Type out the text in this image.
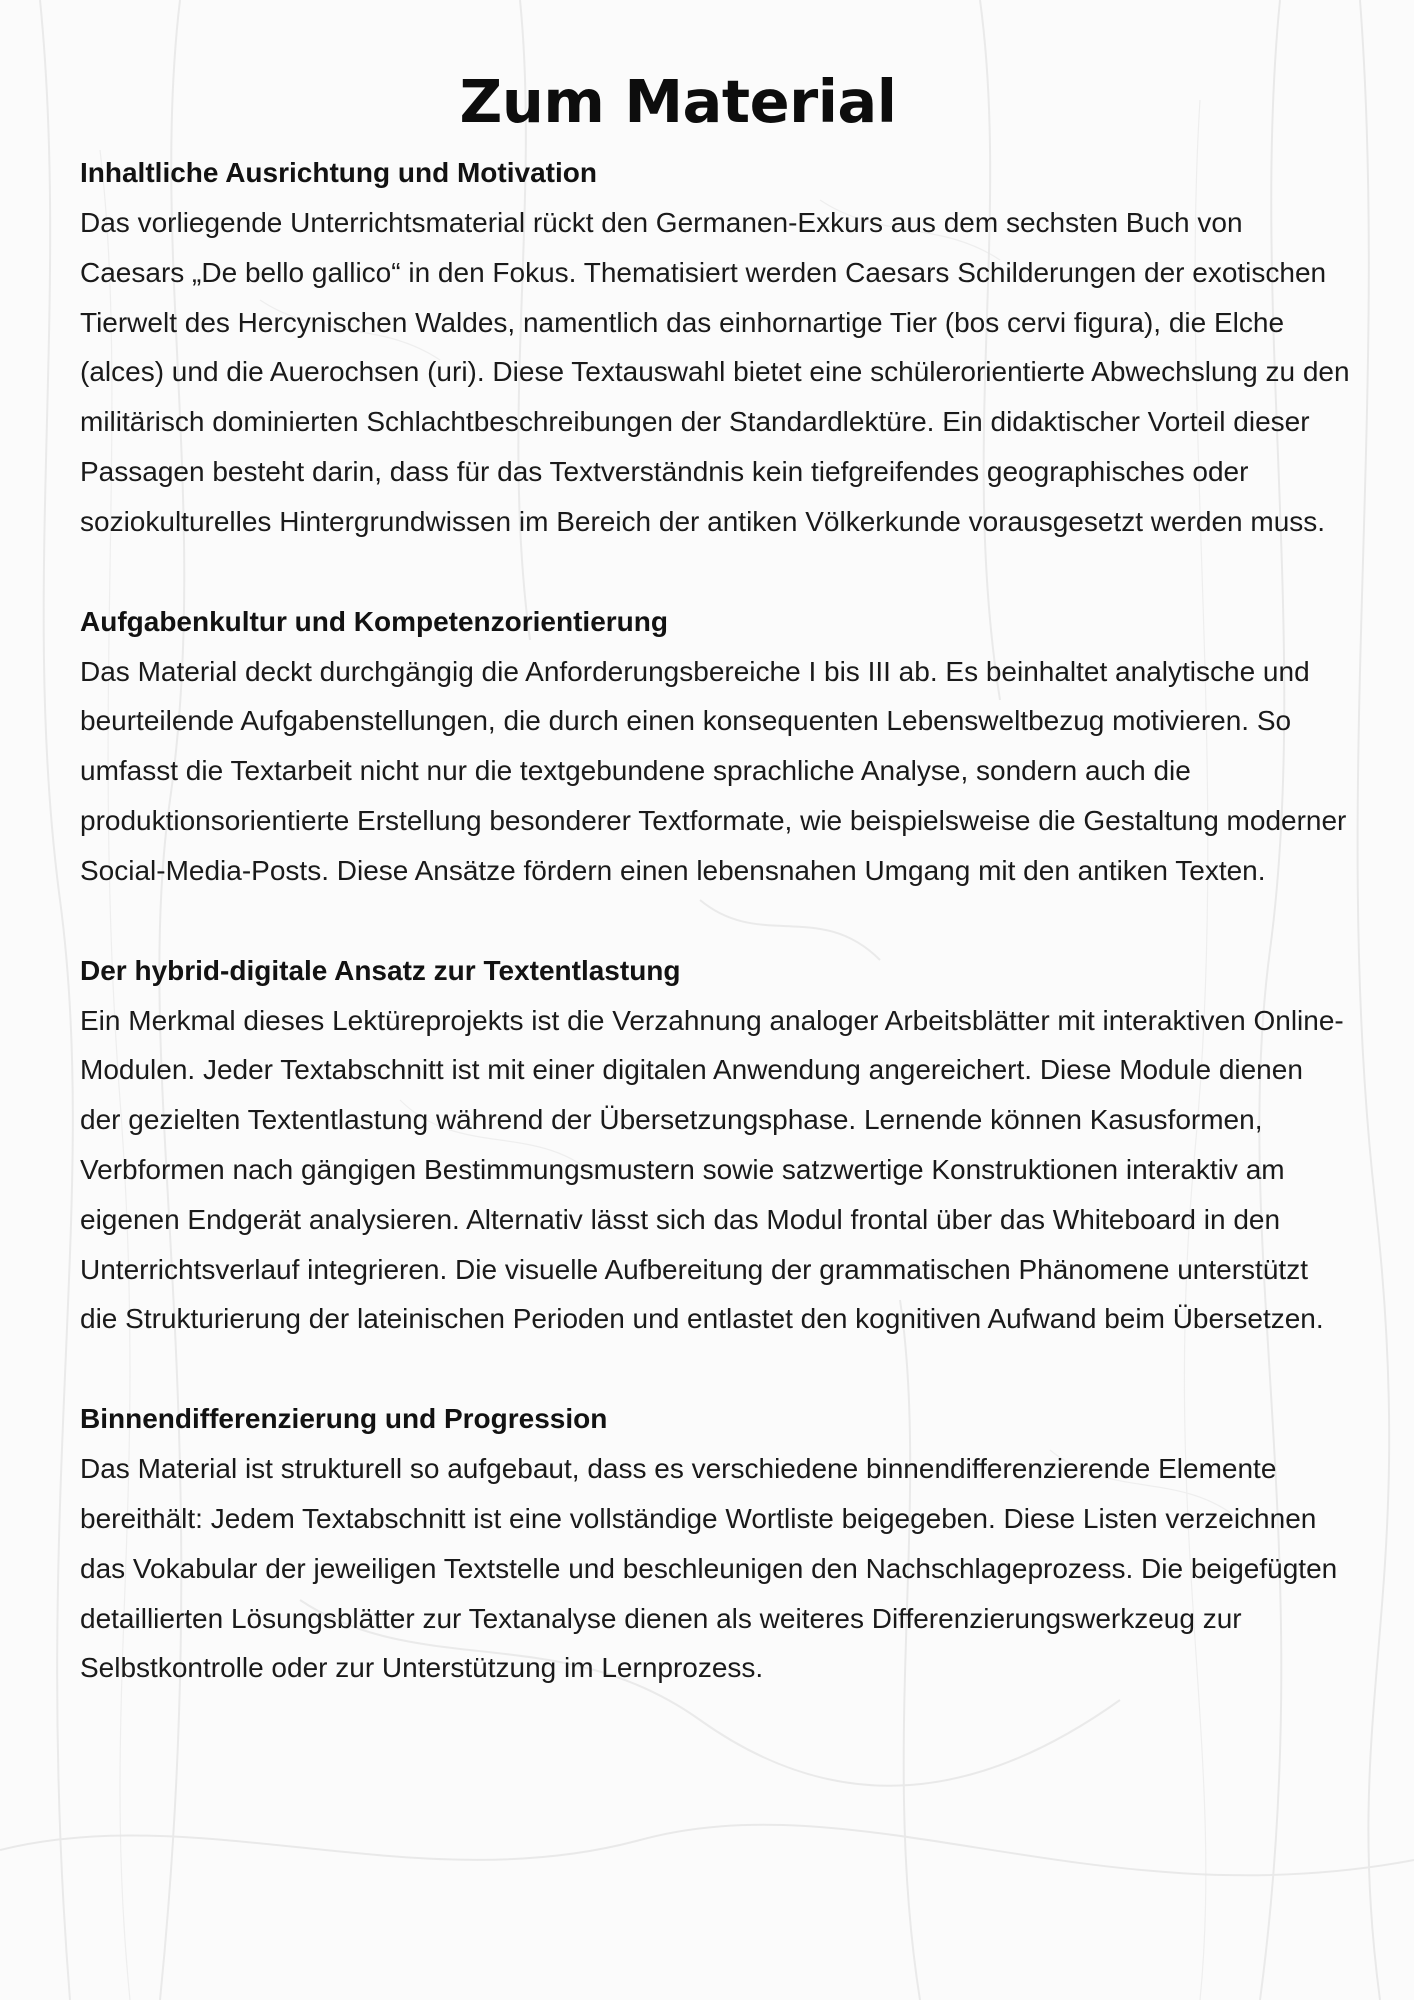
Zum Material
Inhaltliche Ausrichtung und Motivation

Das vorliegende Unterrichtsmaterial rückt den Germanen-Exkurs aus dem sechsten Buch von Caesars „De bello gallico“ in den Fokus. Thematisiert werden Caesars Schilderungen der exotischen Tierwelt des Hercynischen Waldes, namentlich das einhornartige Tier (bos cervi figura), die Elche (alces) und die Auerochsen (uri). Diese Textauswahl bietet eine schülerorientierte Abwechslung zu den militärisch dominierten Schlachtbeschreibungen der Standardlektüre. Ein didaktischer Vorteil dieser Passagen besteht darin, dass für das Textverständnis kein tiefgreifendes geographisches oder soziokulturelles Hintergrundwissen im Bereich der antiken Völkerkunde vorausgesetzt werden muss.

Aufgabenkultur und Kompetenzorientierung

Das Material deckt durchgängig die Anforderungsbereiche I bis III ab. Es beinhaltet analytische und beurteilende Aufgabenstellungen, die durch einen konsequenten Lebensweltbezug motivieren. So umfasst die Textarbeit nicht nur die textgebundene sprachliche Analyse, sondern auch die produktionsorientierte Erstellung besonderer Textformate, wie beispielsweise die Gestaltung moderner Social-Media-Posts. Diese Ansätze fördern einen lebensnahen Umgang mit den antiken Texten.

Der hybrid-digitale Ansatz zur Textentlastung

Ein Merkmal dieses Lektüreprojekts ist die Verzahnung analoger Arbeitsblätter mit interaktiven Online-Modulen. Jeder Textabschnitt ist mit einer digitalen Anwendung angereichert. Diese Module dienen der gezielten Textentlastung während der Übersetzungsphase. Lernende können Kasusformen, Verbformen nach gängigen Bestimmungsmustern sowie satzwertige Konstruktionen interaktiv am eigenen Endgerät analysieren. Alternativ lässt sich das Modul frontal über das Whiteboard in den Unterrichtsverlauf integrieren. Die visuelle Aufbereitung der grammatischen Phänomene unterstützt die Strukturierung der lateinischen Perioden und entlastet den kognitiven Aufwand beim Übersetzen.

Binnendifferenzierung und Progression

Das Material ist strukturell so aufgebaut, dass es verschiedene binnendifferenzierende Elemente bereithält: Jedem Textabschnitt ist eine vollständige Wortliste beigegeben. Diese Listen verzeichnen das Vokabular der jeweiligen Textstelle und beschleunigen den Nachschlageprozess. Die beigefügten detaillierten Lösungsblätter zur Textanalyse dienen als weiteres Differenzierungswerkzeug zur Selbstkontrolle oder zur Unterstützung im Lernprozess.
